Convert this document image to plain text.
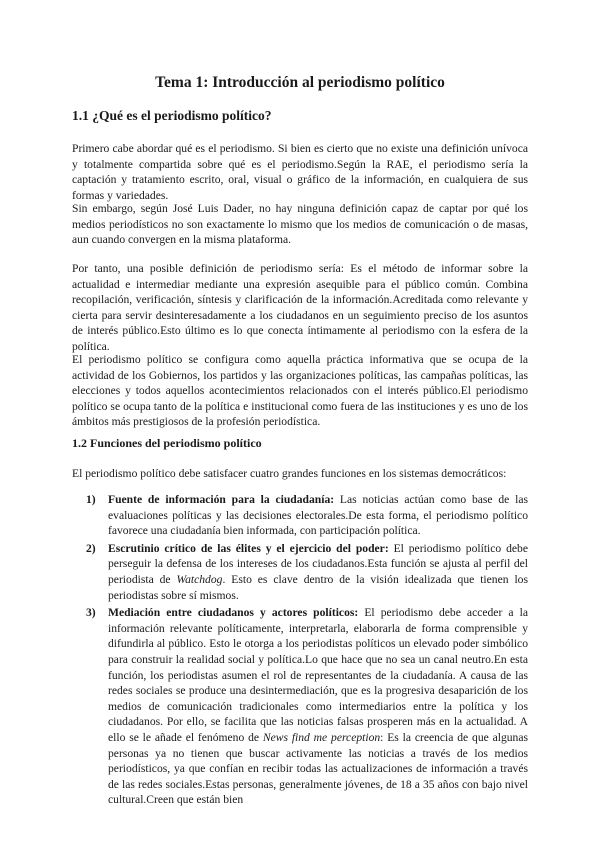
Tema 1: Introducción al periodismo político
1.1 ¿Qué es el periodismo político?

Primero cabe abordar qué es el periodismo. Si bien es cierto que no existe una definición unívoca y totalmente compartida sobre qué es el periodismo.Según la RAE, el periodismo sería la captación y tratamiento escrito, oral, visual o gráfico de la información, en cualquiera de sus formas y variedades.

Sin embargo, según José Luis Dader, no hay ninguna definición capaz de captar por qué los medios periodísticos no son exactamente lo mismo que los medios de comunicación o de masas, aun cuando convergen en la misma plataforma.

Por tanto, una posible definición de periodismo sería: Es el método de informar sobre la actualidad e intermediar mediante una expresión asequible para el público común. Combina recopilación, verificación, síntesis y clarificación de la información.Acreditada como relevante y cierta para servir desinteresadamente a los ciudadanos en un seguimiento preciso de los asuntos de interés público.Esto último es lo que conecta íntimamente al periodismo con la esfera de la política.

El periodismo político se configura como aquella práctica informativa que se ocupa de la actividad de los Gobiernos, los partidos y las organizaciones políticas, las campañas políticas, las elecciones y todos aquellos acontecimientos relacionados con el interés público.El periodismo político se ocupa tanto de la política e institucional como fuera de las instituciones y es uno de los ámbitos más prestigiosos de la profesión periodística.

1.2 Funciones del periodismo político

El periodismo político debe satisfacer cuatro grandes funciones en los sistemas democráticos:

1) Fuente de información para la ciudadanía: Las noticias actúan como base de las evaluaciones políticas y las decisiones electorales.De esta forma, el periodismo político favorece una ciudadanía bien informada, con participación política.
2) Escrutinio crítico de las élites y el ejercicio del poder: El periodismo político debe perseguir la defensa de los intereses de los ciudadanos.Esta función se ajusta al perfil del periodista de Watchdog. Esto es clave dentro de la visión idealizada que tienen los periodistas sobre sí mismos.
3) Mediación entre ciudadanos y actores políticos: El periodismo debe acceder a la información relevante políticamente, interpretarla, elaborarla de forma comprensible y difundirla al público. Esto le otorga a los periodistas políticos un elevado poder simbólico para construir la realidad social y política.Lo que hace que no sea un canal neutro.En esta función, los periodistas asumen el rol de representantes de la ciudadanía. A causa de las redes sociales se produce una desintermediación, que es la progresiva desaparición de los medios de comunicación tradicionales como intermediarios entre la política y los ciudadanos. Por ello, se facilita que las noticias falsas prosperen más en la actualidad. A ello se le añade el fenómeno de News find me perception: Es la creencia de que algunas personas ya no tienen que buscar activamente las noticias a través de los medios periodísticos, ya que confían en recibir todas las actualizaciones de información a través de las redes sociales.Estas personas, generalmente jóvenes, de 18 a 35 años con bajo nivel cultural.Creen que están bien
